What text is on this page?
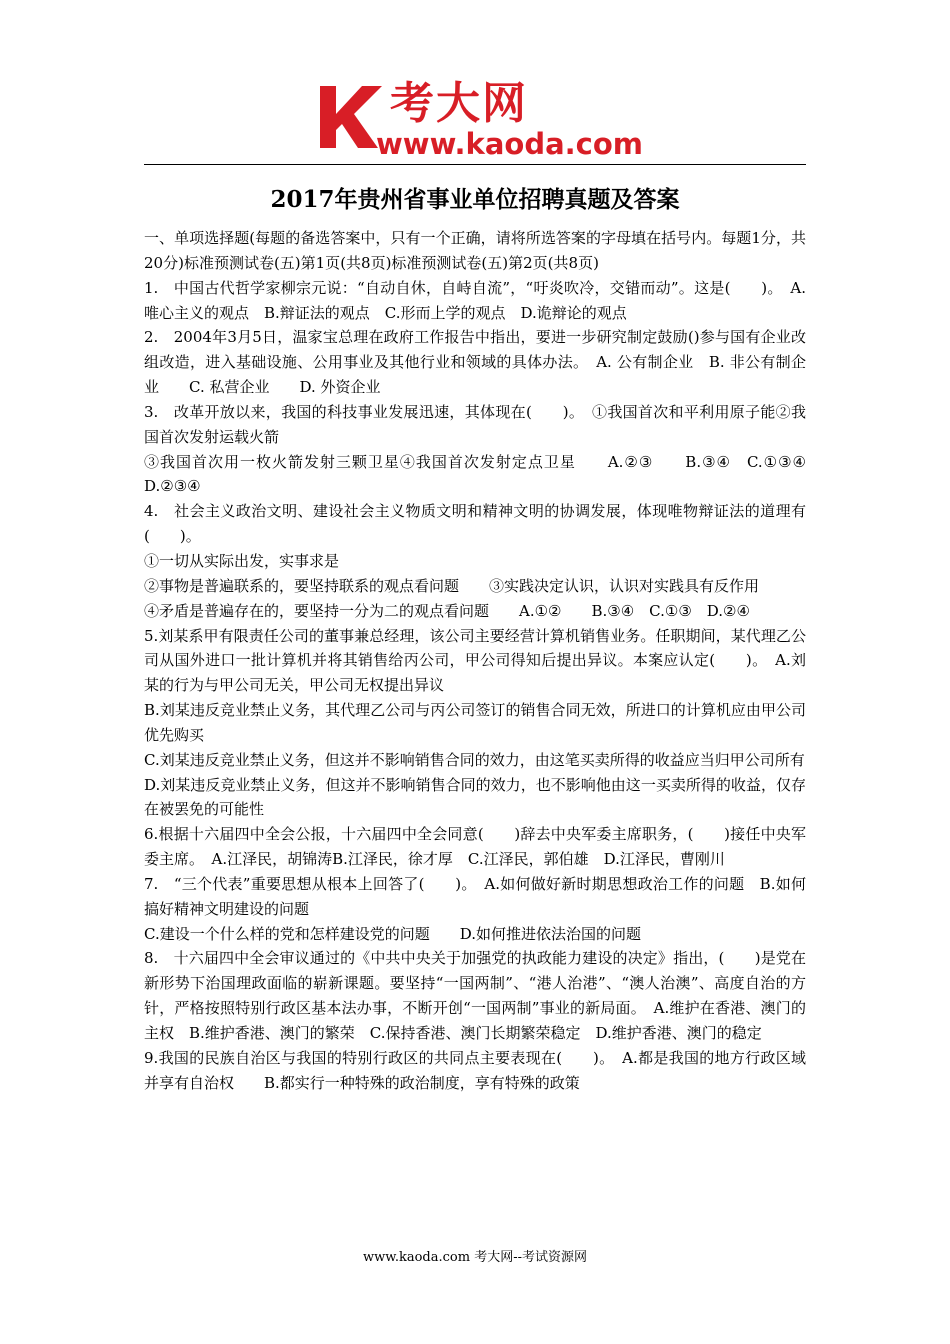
考大网
www.kaoda.com
2017年贵州省事业单位招聘真题及答案

一、单项选择题(每题的备选答案中，只有一个正确，请将所选答案的字母填在括号内。每题1分，共20分)标准预测试卷(五)第1页(共8页)标准预测试卷(五)第2页(共8页)

1.　中国古代哲学家柳宗元说：“自动自休，自峙自流”，“吁炎吹冷，交错而动”。这是(　　)。　A.唯心主义的观点　B.辩证法的观点　C.形而上学的观点　D.诡辩论的观点

2.　2004年3月5日，温家宝总理在政府工作报告中指出，要进一步研究制定鼓励()参与国有企业改组改造，进入基础设施、公用事业及其他行业和领域的具体办法。　A. 公有制企业　B. 非公有制企业　　C. 私营企业　　D. 外资企业

3.　改革开放以来，我国的科技事业发展迅速，其体现在(　　)。　①我国首次和平利用原子能②我国首次发射运载火箭

③我国首次用一枚火箭发射三颗卫星④我国首次发射定点卫星　　A.②③　　B.③④　C.①③④　D.②③④

4.　社会主义政治文明、建设社会主义物质文明和精神文明的协调发展，体现唯物辩证法的道理有(　　)。

①一切从实际出发，实事求是

②事物是普遍联系的，要坚持联系的观点看问题　　③实践决定认识，认识对实践具有反作用

④矛盾是普遍存在的，要坚持一分为二的观点看问题　　A.①②　　B.③④　C.①③　D.②④

5.刘某系甲有限责任公司的董事兼总经理，该公司主要经营计算机销售业务。任职期间，某代理乙公司从国外进口一批计算机并将其销售给丙公司，甲公司得知后提出异议。本案应认定(　　)。　A.刘某的行为与甲公司无关，甲公司无权提出异议

B.刘某违反竞业禁止义务，其代理乙公司与丙公司签订的销售合同无效，所进口的计算机应由甲公司优先购买

C.刘某违反竞业禁止义务，但这并不影响销售合同的效力，由这笔买卖所得的收益应当归甲公司所有

D.刘某违反竞业禁止义务，但这并不影响销售合同的效力，也不影响他由这一买卖所得的收益，仅存在被罢免的可能性

6.根据十六届四中全会公报，十六届四中全会同意(　　)辞去中央军委主席职务，(　　)接任中央军委主席。　A.江泽民，胡锦涛B.江泽民，徐才厚　C.江泽民，郭伯雄　D.江泽民，曹刚川

7.　“三个代表”重要思想从根本上回答了(　　)。　A.如何做好新时期思想政治工作的问题　B.如何搞好精神文明建设的问题

C.建设一个什么样的党和怎样建设党的问题　　D.如何推进依法治国的问题

8.　十六届四中全会审议通过的《中共中央关于加强党的执政能力建设的决定》指出，(　　)是党在新形势下治国理政面临的崭新课题。要坚持“一国两制”、“港人治港”、“澳人治澳”、高度自治的方针，严格按照特别行政区基本法办事，不断开创“一国两制”事业的新局面。　A.维护在香港、澳门的主权　B.维护香港、澳门的繁荣　C.保持香港、澳门长期繁荣稳定　D.维护香港、澳门的稳定

9.我国的民族自治区与我国的特别行政区的共同点主要表现在(　　)。　A.都是我国的地方行政区域并享有自治权　　B.都实行一种特殊的政治制度，享有特殊的政策

www.kaoda.com 考大网--考试资源网
